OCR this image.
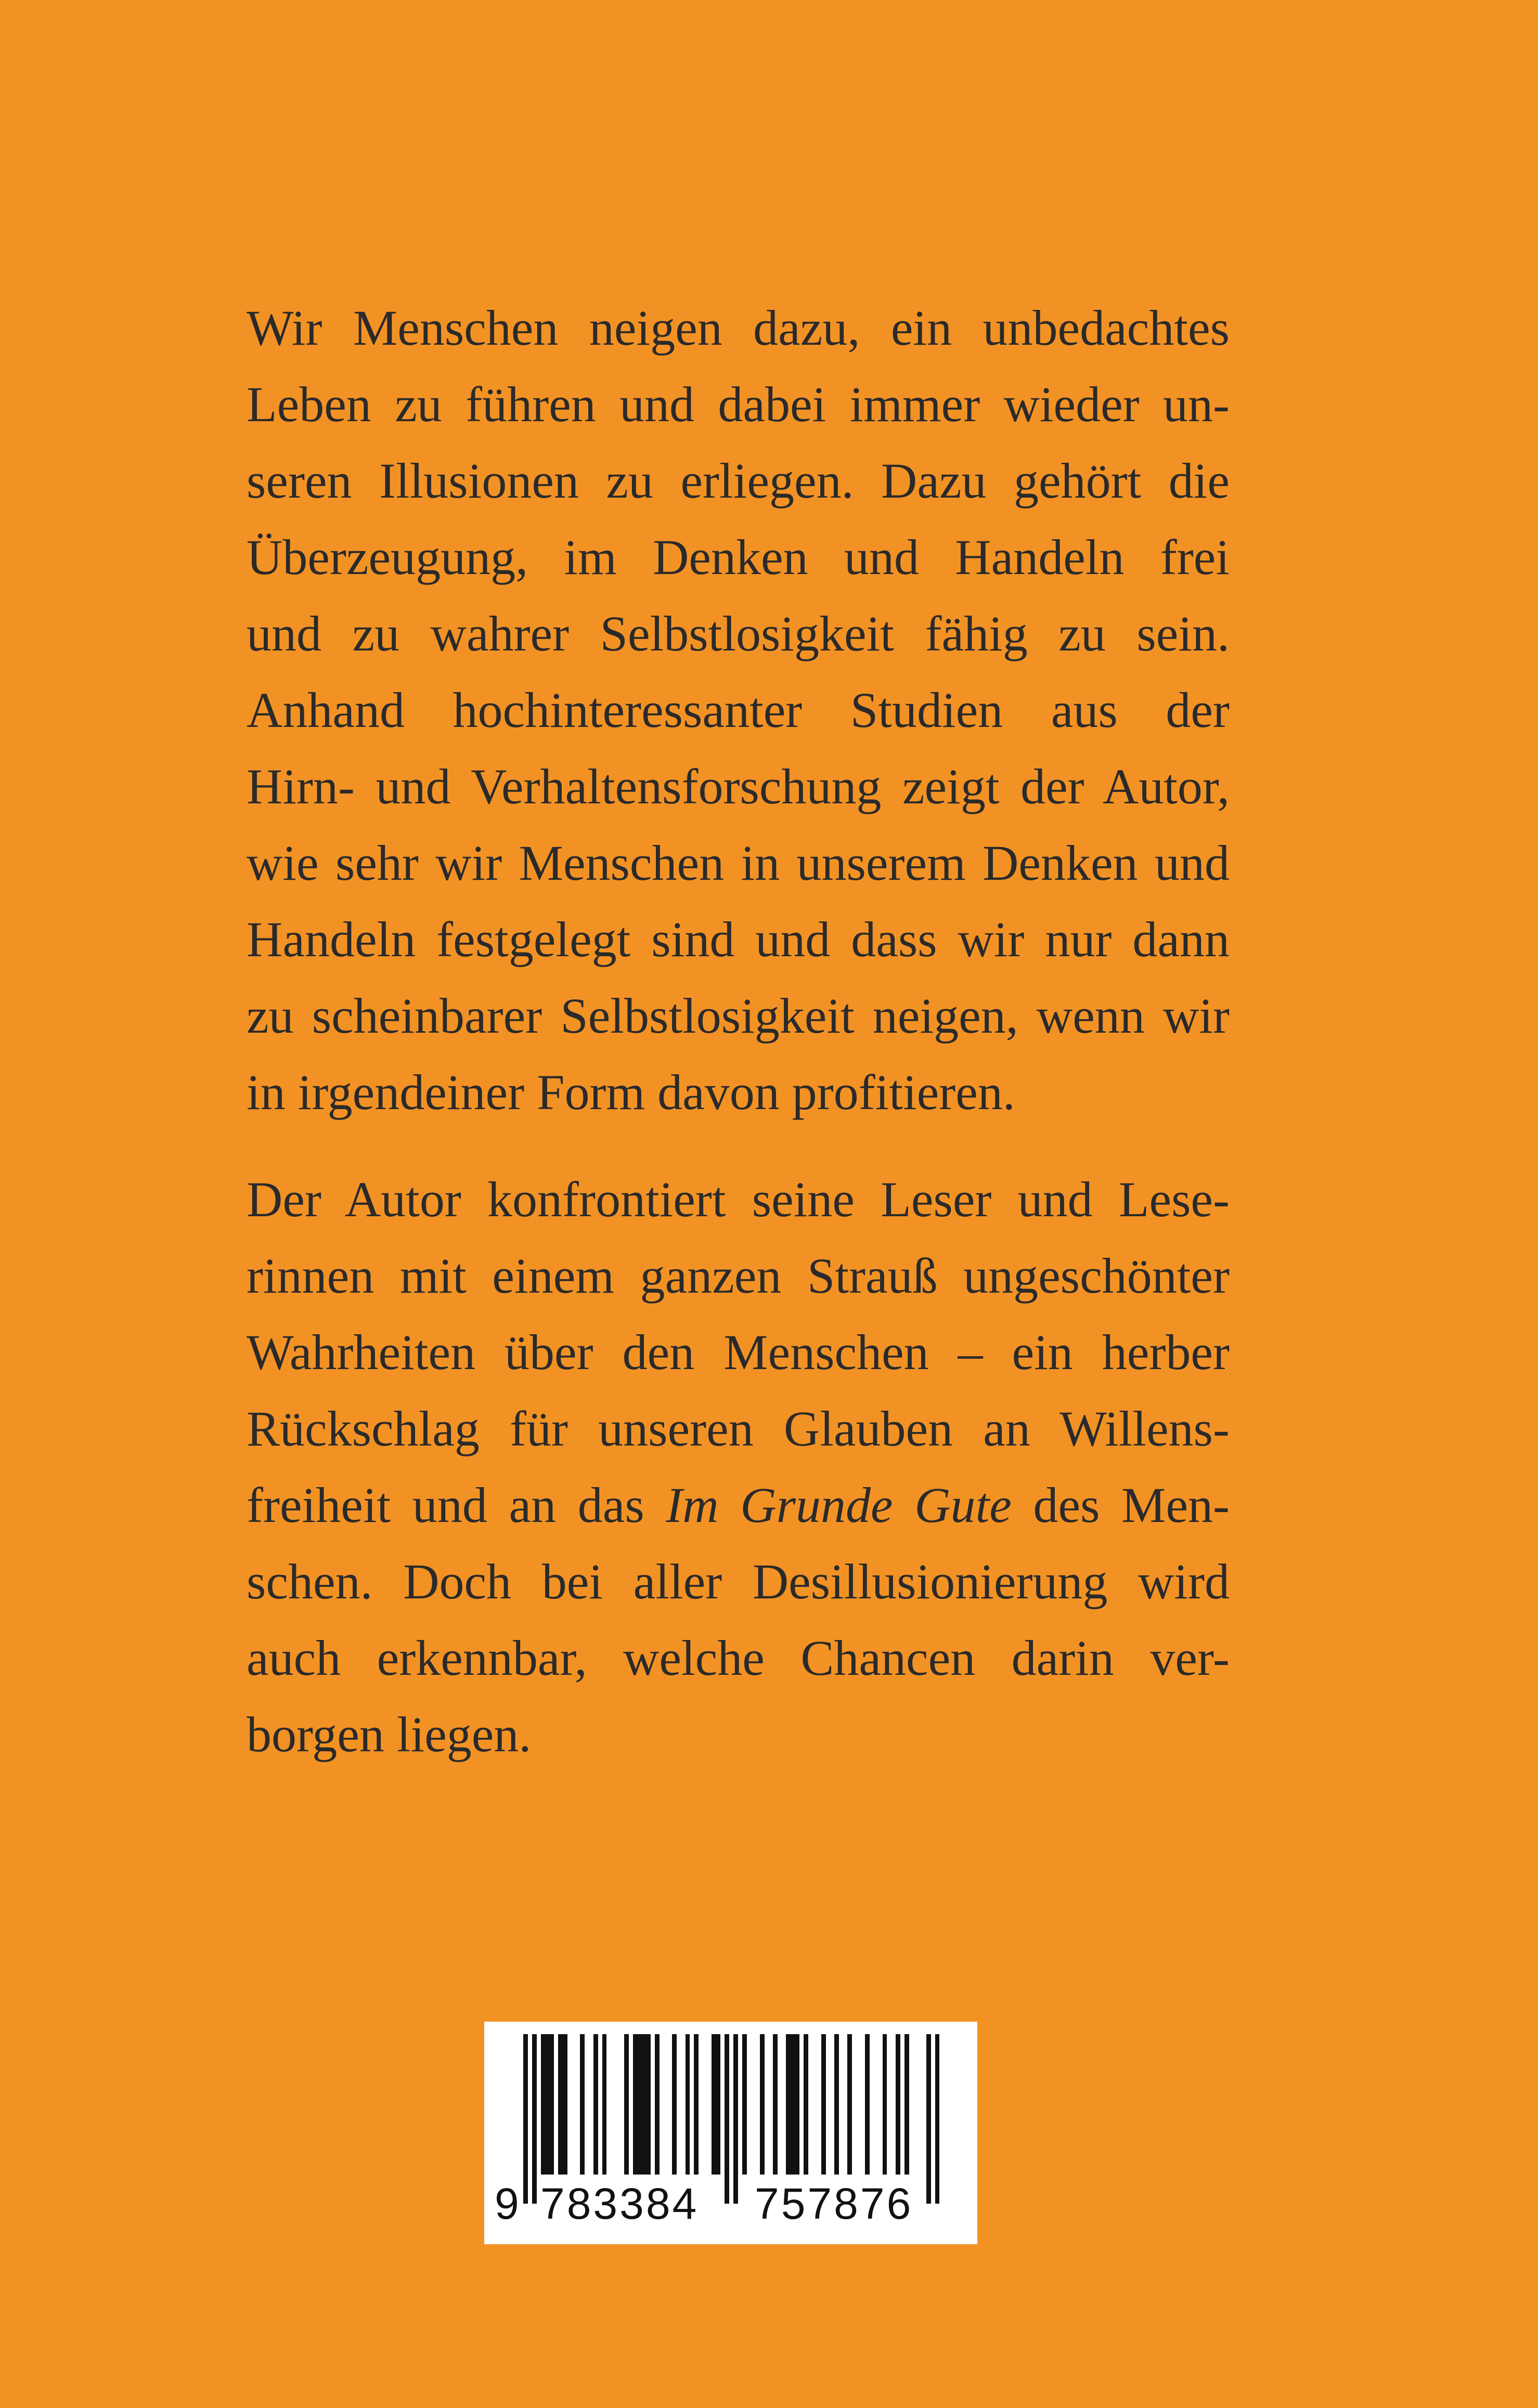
Wir Menschen neigen dazu, ein unbedachtes
Leben zu führen und dabei immer wieder un-
seren Illusionen zu erliegen. Dazu gehört die
Überzeugung, im Denken und Handeln frei
und zu wahrer Selbstlosigkeit fähig zu sein.
Anhand hochinteressanter Studien aus der
Hirn- und Verhaltensforschung zeigt der Autor,
wie sehr wir Menschen in unserem Denken und
Handeln festgelegt sind und dass wir nur dann
zu scheinbarer Selbstlosigkeit neigen, wenn wir
in irgendeiner Form davon profitieren.
Der Autor konfrontiert seine Leser und Lese-
rinnen mit einem ganzen Strauß ungeschönter
Wahrheiten über den Menschen – ein herber
Rückschlag für unseren Glauben an Willens-
freiheit und an das Im Grunde Gute des Men-
schen. Doch bei aller Desillusionierung wird
auch erkennbar, welche Chancen darin ver-
borgen liegen.
9 783384 757876
